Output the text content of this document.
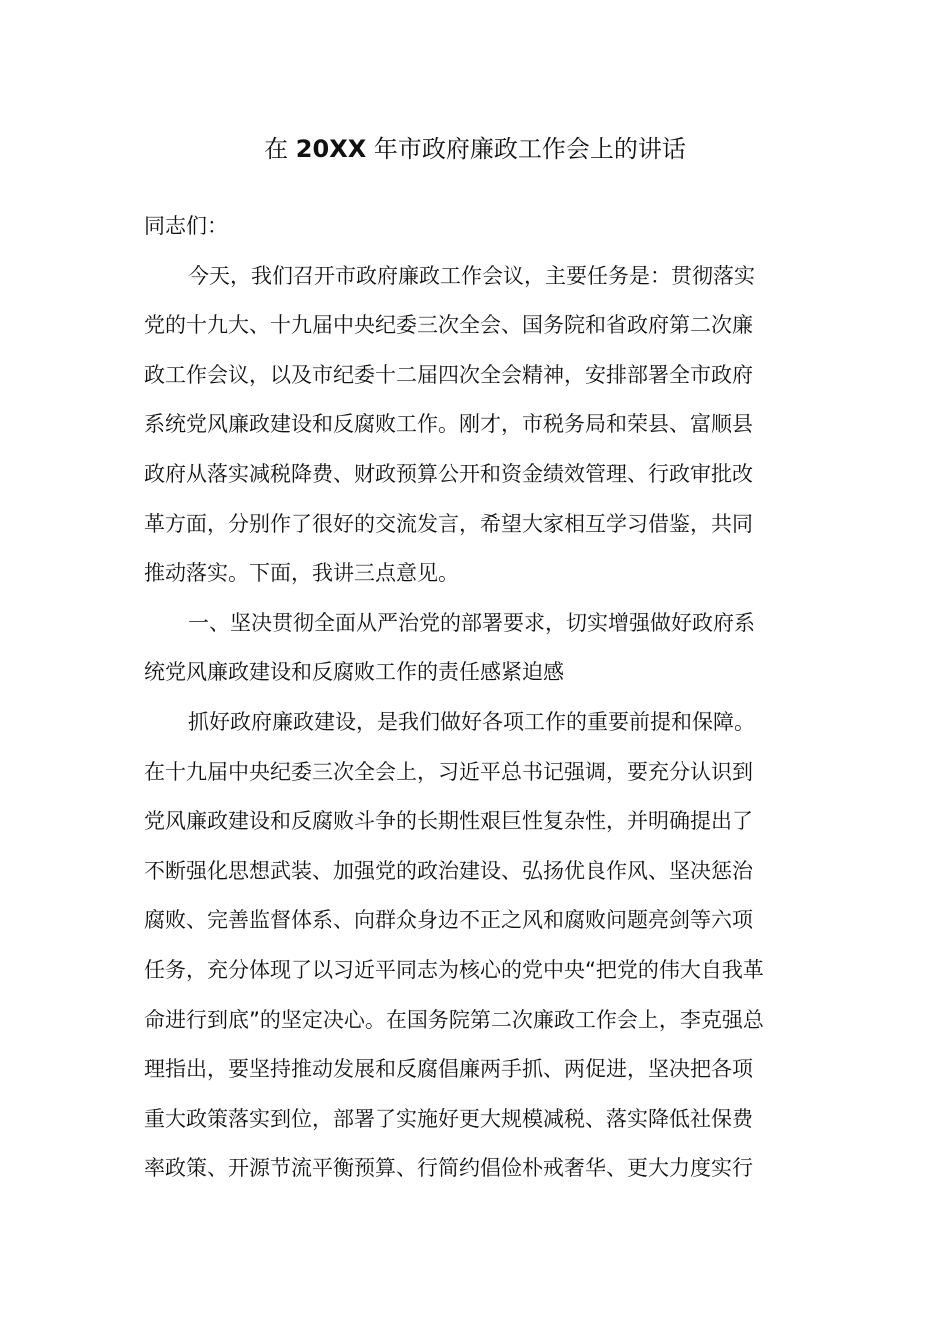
在 20XX 年市政府廉政工作会上的讲话

同志们：

今天，我们召开市政府廉政工作会议，主要任务是：贯彻落实
党的十九大、十九届中央纪委三次全会、国务院和省政府第二次廉
政工作会议，以及市纪委十二届四次全会精神，安排部署全市政府
系统党风廉政建设和反腐败工作。刚才，市税务局和荣县、富顺县
政府从落实减税降费、财政预算公开和资金绩效管理、行政审批改
革方面，分别作了很好的交流发言，希望大家相互学习借鉴，共同
推动落实。下面，我讲三点意见。

一、坚决贯彻全面从严治党的部署要求，切实增强做好政府系
统党风廉政建设和反腐败工作的责任感紧迫感

抓好政府廉政建设，是我们做好各项工作的重要前提和保障。
在十九届中央纪委三次全会上，习近平总书记强调，要充分认识到
党风廉政建设和反腐败斗争的长期性艰巨性复杂性，并明确提出了
不断强化思想武装、加强党的政治建设、弘扬优良作风、坚决惩治
腐败、完善监督体系、向群众身边不正之风和腐败问题亮剑等六项
任务，充分体现了以习近平同志为核心的党中央“把党的伟大自我革
命进行到底”的坚定决心。在国务院第二次廉政工作会上，李克强总
理指出，要坚持推动发展和反腐倡廉两手抓、两促进，坚决把各项
重大政策落实到位，部署了实施好更大规模减税、落实降低社保费
率政策、开源节流平衡预算、行简约倡俭朴戒奢华、更大力度实行
